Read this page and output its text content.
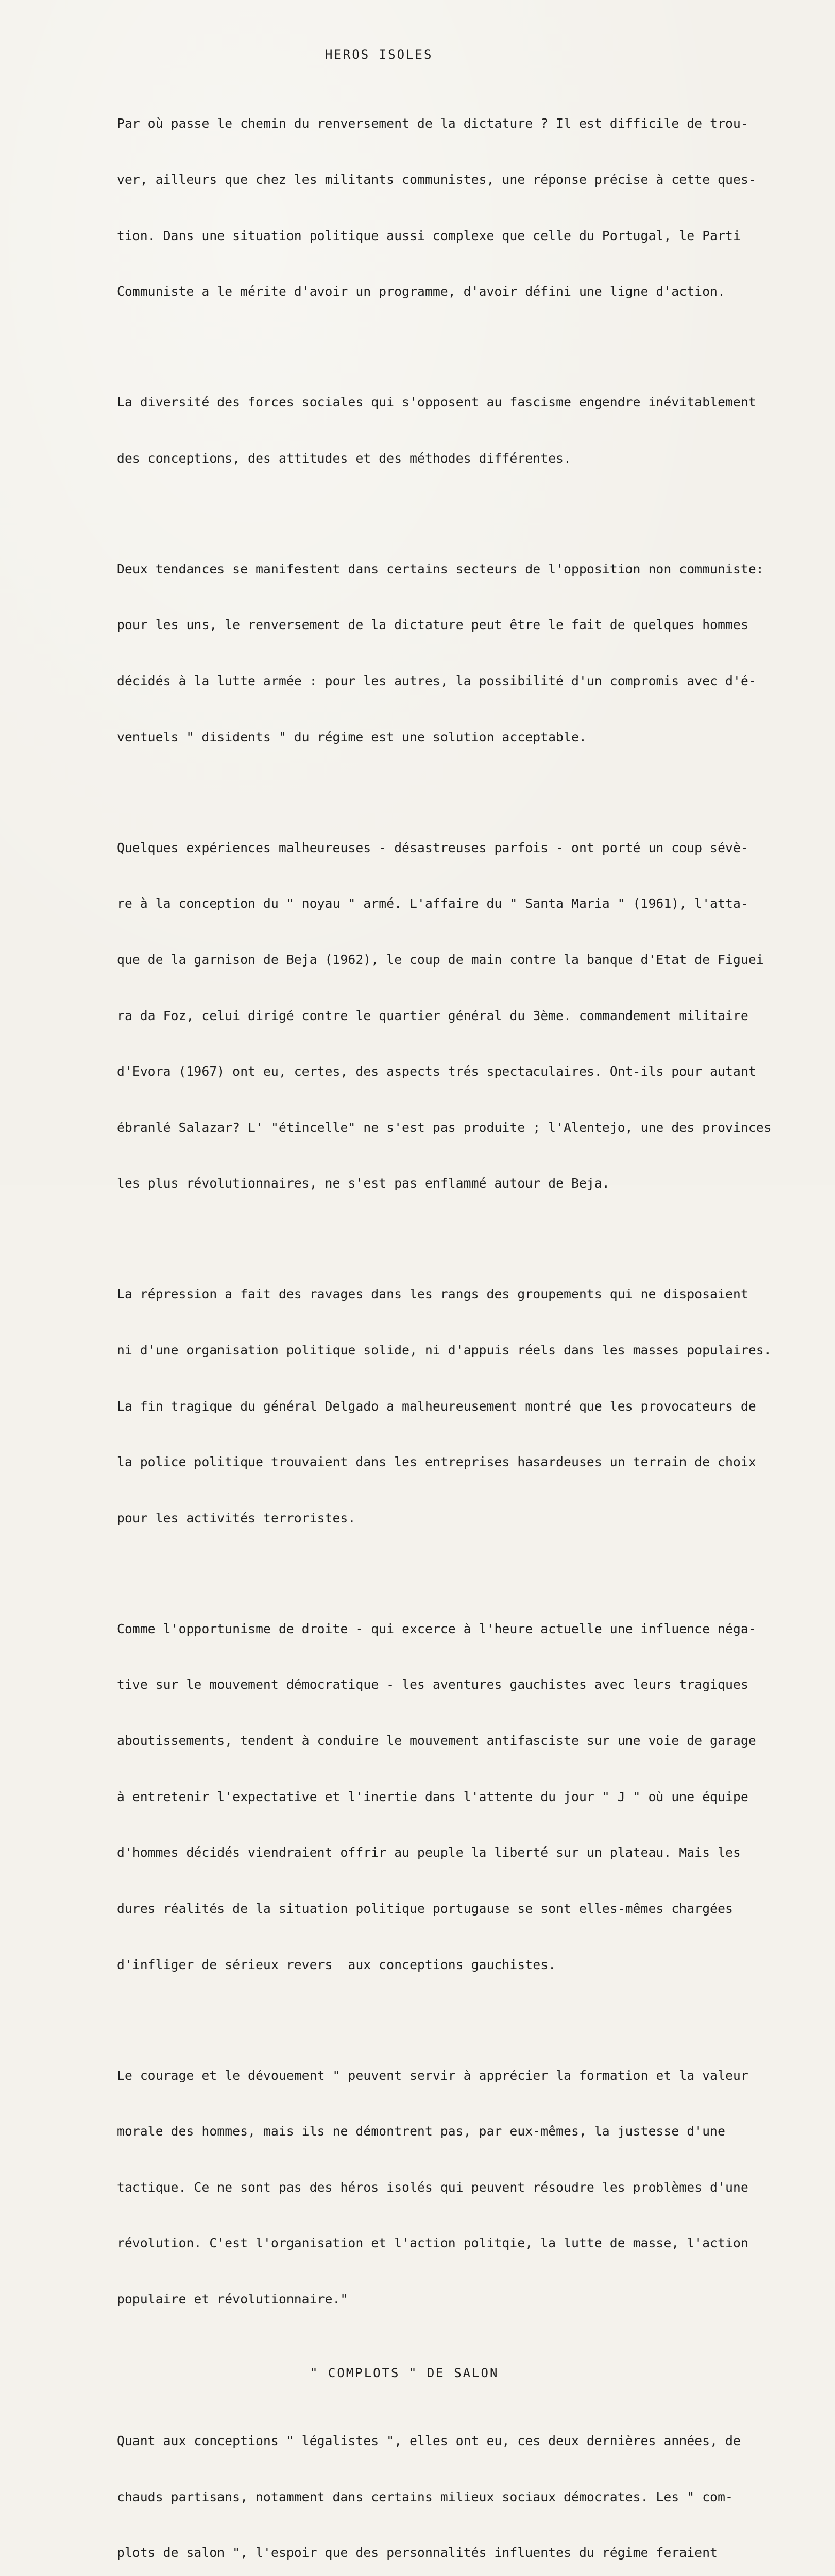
HEROS ISOLES

Par où passe le chemin du renversement de la dictature ? Il est difficile de trou-

ver, ailleurs que chez les militants communistes, une réponse précise à cette ques-

tion. Dans une situation politique aussi complexe que celle du Portugal, le Parti

Communiste a le mérite d'avoir un programme, d'avoir défini une ligne d'action.

La diversité des forces sociales qui s'opposent au fascisme engendre inévitablement

des conceptions, des attitudes et des méthodes différentes.

Deux tendances se manifestent dans certains secteurs de l'opposition non communiste:

pour les uns, le renversement de la dictature peut être le fait de quelques hommes

décidés à la lutte armée : pour les autres, la possibilité d'un compromis avec d'é-

ventuels " disidents " du régime est une solution acceptable.

Quelques expériences malheureuses - désastreuses parfois - ont porté un coup sévè-

re à la conception du " noyau " armé. L'affaire du " Santa Maria " (1961), l'atta-

que de la garnison de Beja (1962), le coup de main contre la banque d'Etat de Figuei

ra da Foz, celui dirigé contre le quartier général du 3ème. commandement militaire

d'Evora (1967) ont eu, certes, des aspects trés spectaculaires. Ont-ils pour autant

ébranlé Salazar? L' "étincelle" ne s'est pas produite ; l'Alentejo, une des provinces

les plus révolutionnaires, ne s'est pas enflammé autour de Beja.

La répression a fait des ravages dans les rangs des groupements qui ne disposaient

ni d'une organisation politique solide, ni d'appuis réels dans les masses populaires.

La fin tragique du général Delgado a malheureusement montré que les provocateurs de

la police politique trouvaient dans les entreprises hasardeuses un terrain de choix

pour les activités terroristes.

Comme l'opportunisme de droite - qui excerce à l'heure actuelle une influence néga-

tive sur le mouvement démocratique - les aventures gauchistes avec leurs tragiques

aboutissements, tendent à conduire le mouvement antifasciste sur une voie de garage

à entretenir l'expectative et l'inertie dans l'attente du jour " J " où une équipe

d'hommes décidés viendraient offrir au peuple la liberté sur un plateau. Mais les

dures réalités de la situation politique portugause se sont elles-mêmes chargées

d'infliger de sérieux revers  aux conceptions gauchistes.

Le courage et le dévouement " peuvent servir à apprécier la formation et la valeur

morale des hommes, mais ils ne démontrent pas, par eux-mêmes, la justesse d'une

tactique. Ce ne sont pas des héros isolés qui peuvent résoudre les problèmes d'une

révolution. C'est l'organisation et l'action politqie, la lutte de masse, l'action

populaire et révolutionnaire."

" COMPLOTS " DE SALON

Quant aux conceptions " légalistes ", elles ont eu, ces deux dernières années, de

chauds partisans, notamment dans certains milieux sociaux démocrates. Les " com-

plots de salon ", l'espoir que des personnalités influentes du régime feraient
